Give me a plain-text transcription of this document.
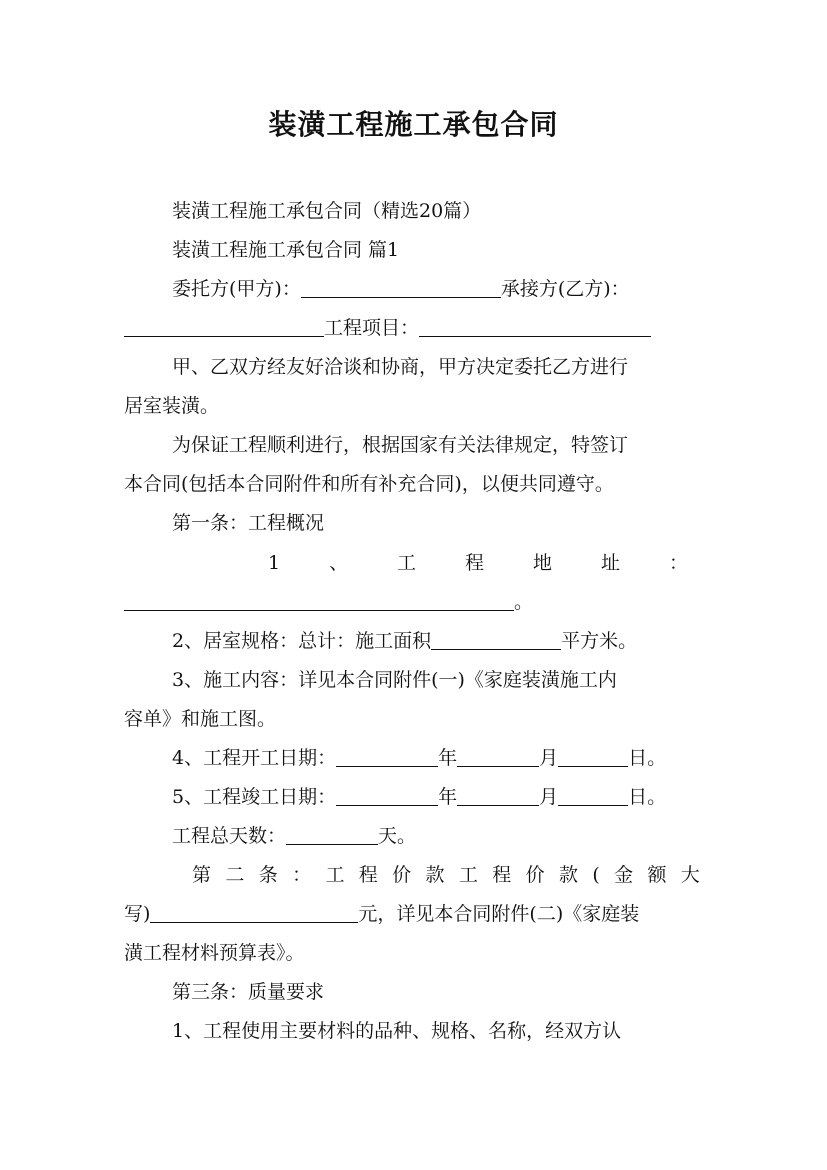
装潢工程施工承包合同
装潢工程施工承包合同（精选20篇）
装潢工程施工承包合同 篇1
委托方(甲方)：	承接方(乙方)：
工程项目：
甲、乙双方经友好洽谈和协商，甲方决定委托乙方进行
居室装潢。
为保证工程顺利进行，根据国家有关法律规定，特签订
本合同(包括本合同附件和所有补充合同)，以便共同遵守。
第一条：工程概况
1	、	工	程	地	址	：
。
2、居室规格：总计：施工面积	平方米。
3、施工内容：详见本合同附件(一)《家庭装潢施工内
容单》和施工图。
4、工程开工日期：	年	月	日。
5、工程竣工日期：	年	月	日。
工程总天数：	天。
第 二 条 ： 工 程 价 款 工 程 价 款 ( 金 额 大
写)	元，详见本合同附件(二)《家庭装
潢工程材料预算表》。
第三条：质量要求
1、工程使用主要材料的品种、规格、名称，经双方认
